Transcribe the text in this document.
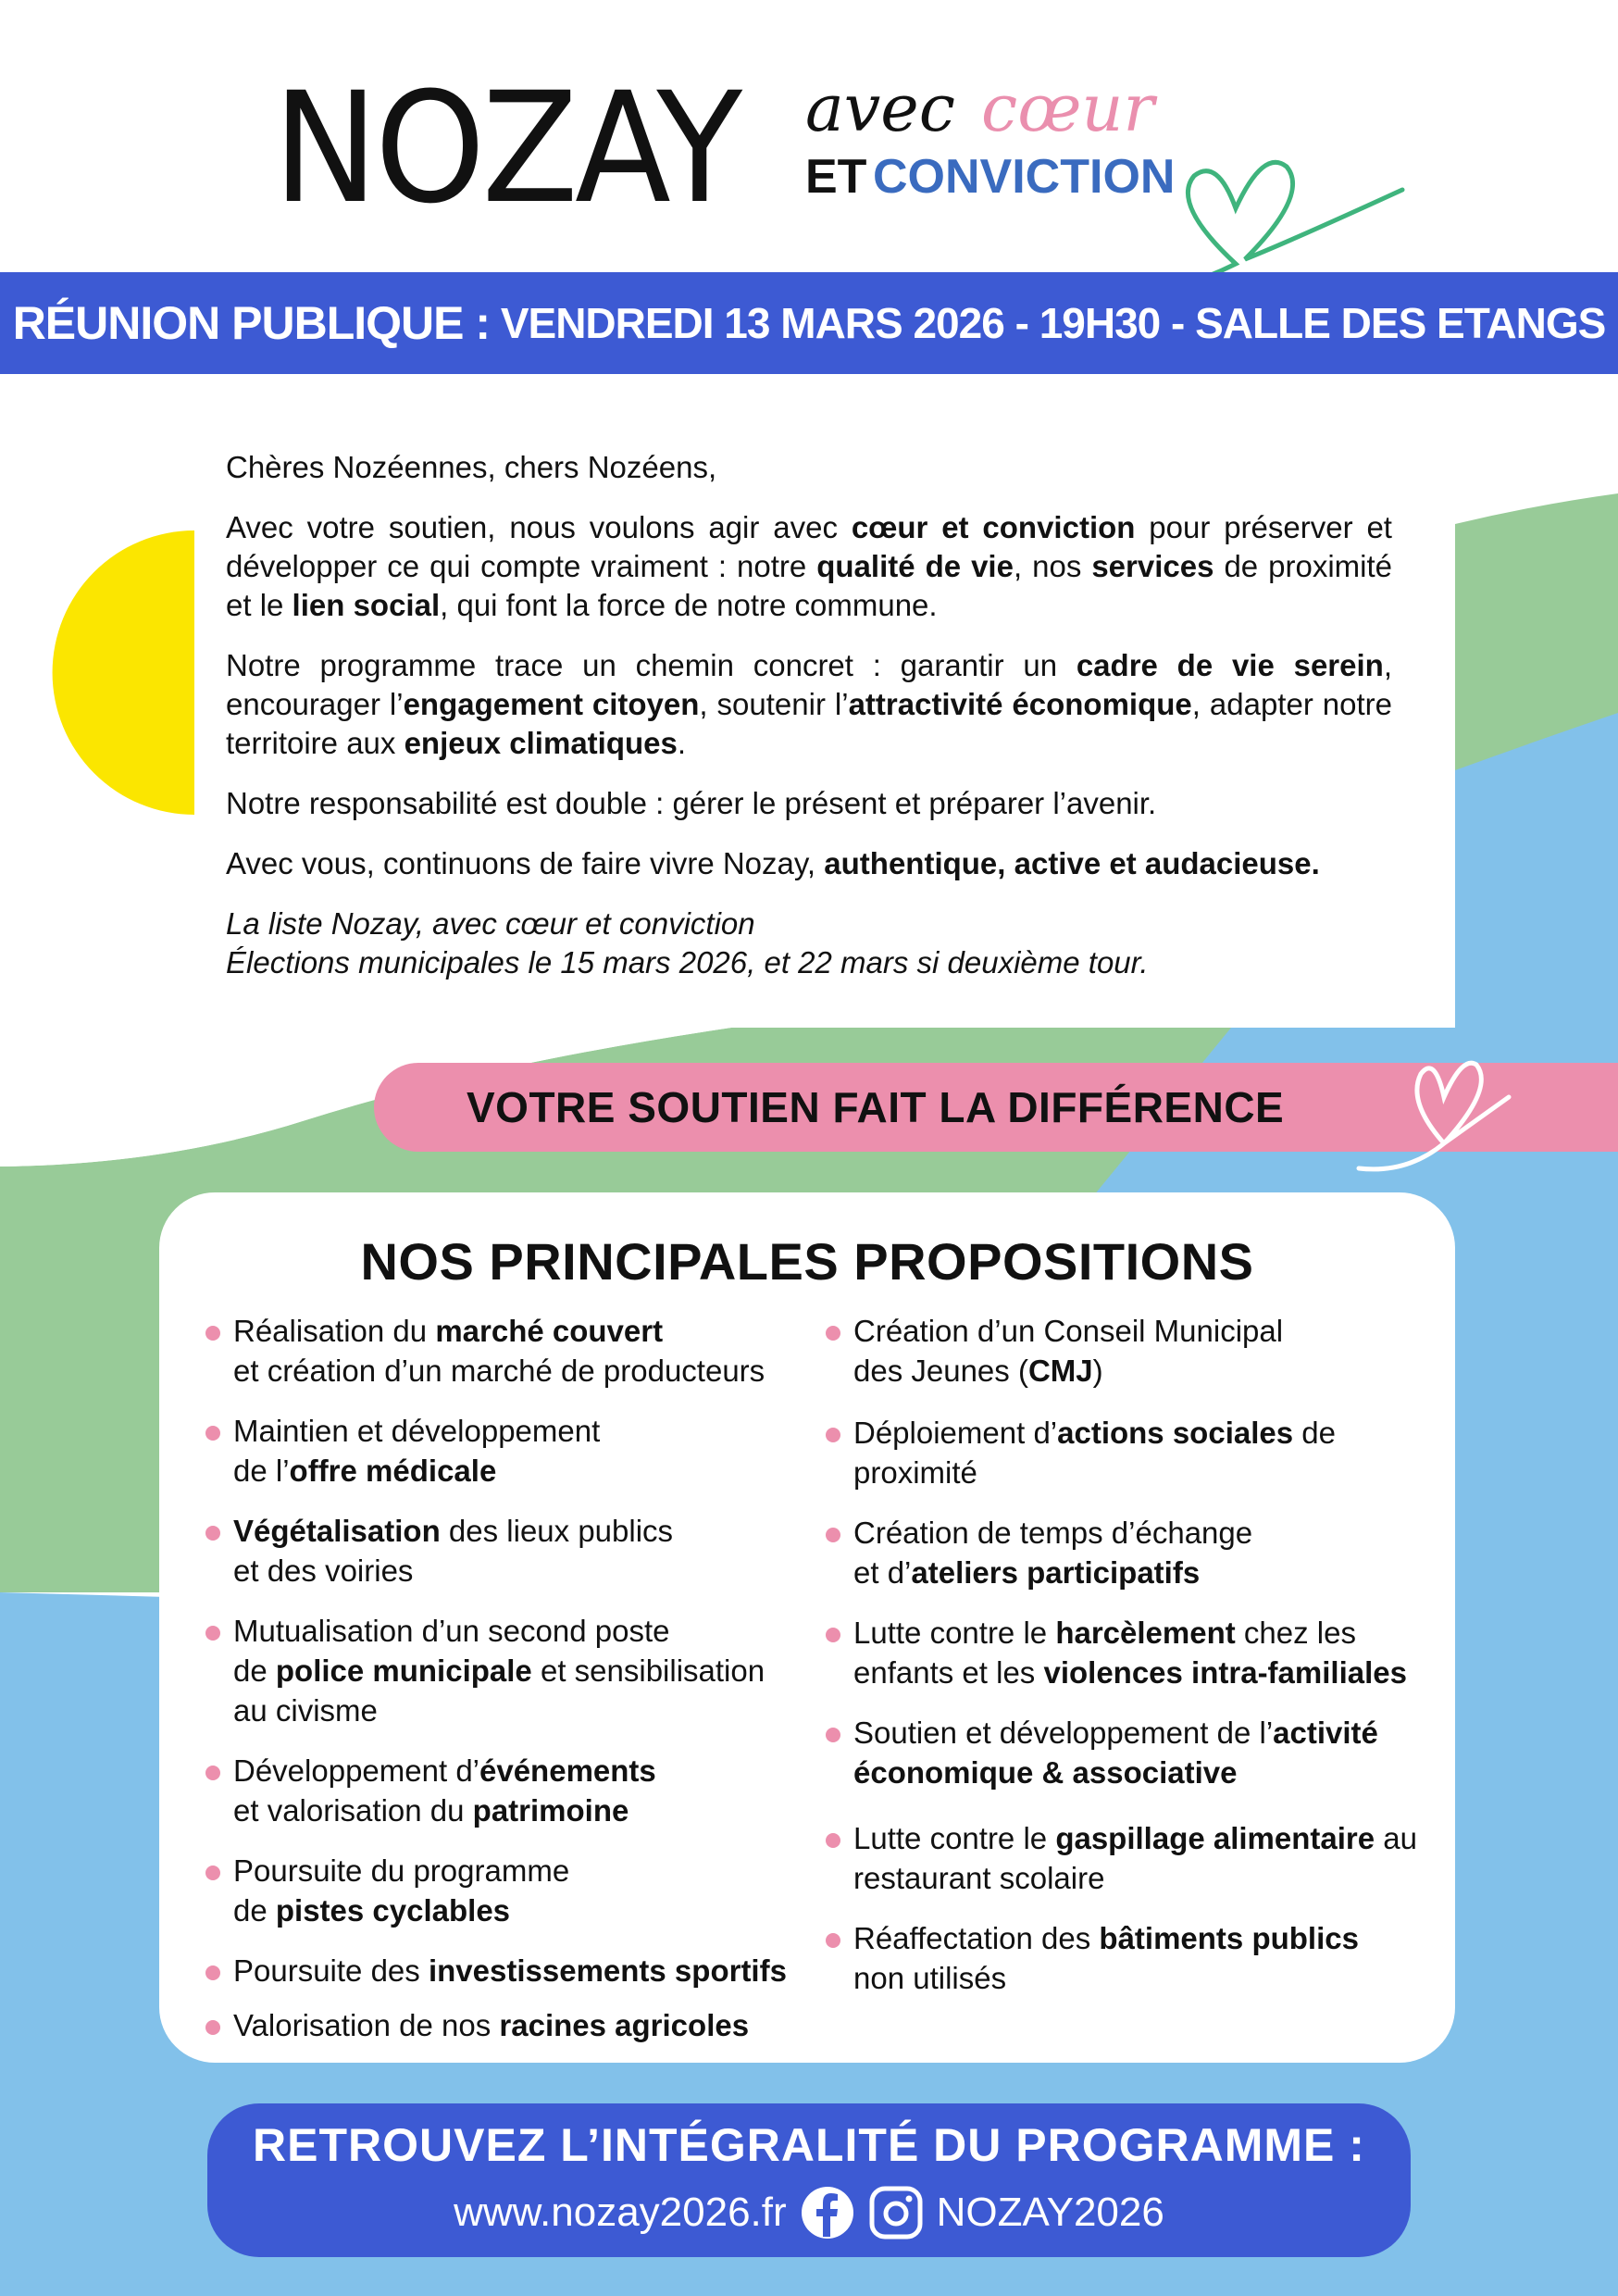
NOZAY avec cœur
ET CONVICTION
RÉUNION PUBLIQUE : VENDREDI 13 MARS 2026 - 19H30 - SALLE DES ETANGS

Chères Nozéennes, chers Nozéens,

Avec votre soutien, nous voulons agir avec cœur et conviction pour préserver et développer ce qui compte vraiment : notre qualité de vie, nos services de proximité et le lien social, qui font la force de notre commune.

Notre programme trace un chemin concret : garantir un cadre de vie serein, encourager l’engagement citoyen, soutenir l’attractivité économique, adapter notre territoire aux enjeux climatiques.

Notre responsabilité est double : gérer le présent et préparer l’avenir.

Avec vous, continuons de faire vivre Nozay, authentique, active et audacieuse.

La liste Nozay, avec cœur et conviction
Élections municipales le 15 mars 2026, et 22 mars si deuxième tour.
VOTRE SOUTIEN FAIT LA DIFFÉRENCE
NOS PRINCIPALES PROPOSITIONS
Réalisation du marché couvert
et création d’un marché de producteurs
Maintien et développement
de l’offre médicale
Végétalisation des lieux publics
et des voiries
Mutualisation d’un second poste
de police municipale et sensibilisation
au civisme
Développement d’événements
et valorisation du patrimoine
Poursuite du programme
de pistes cyclables
Poursuite des investissements sportifs
Valorisation de nos racines agricoles
Création d’un Conseil Municipal
des Jeunes (CMJ)
Déploiement d’actions sociales de
proximité
Création de temps d’échange
et d’ateliers participatifs
Lutte contre le harcèlement chez les
enfants et les violences intra-familiales
Soutien et développement de l’activité
économique & associative
Lutte contre le gaspillage alimentaire au
restaurant scolaire
Réaffectation des bâtiments publics
non utilisés
RETROUVEZ L’INTÉGRALITÉ DU PROGRAMME :
www.nozay2026.fr	NOZAY2026
